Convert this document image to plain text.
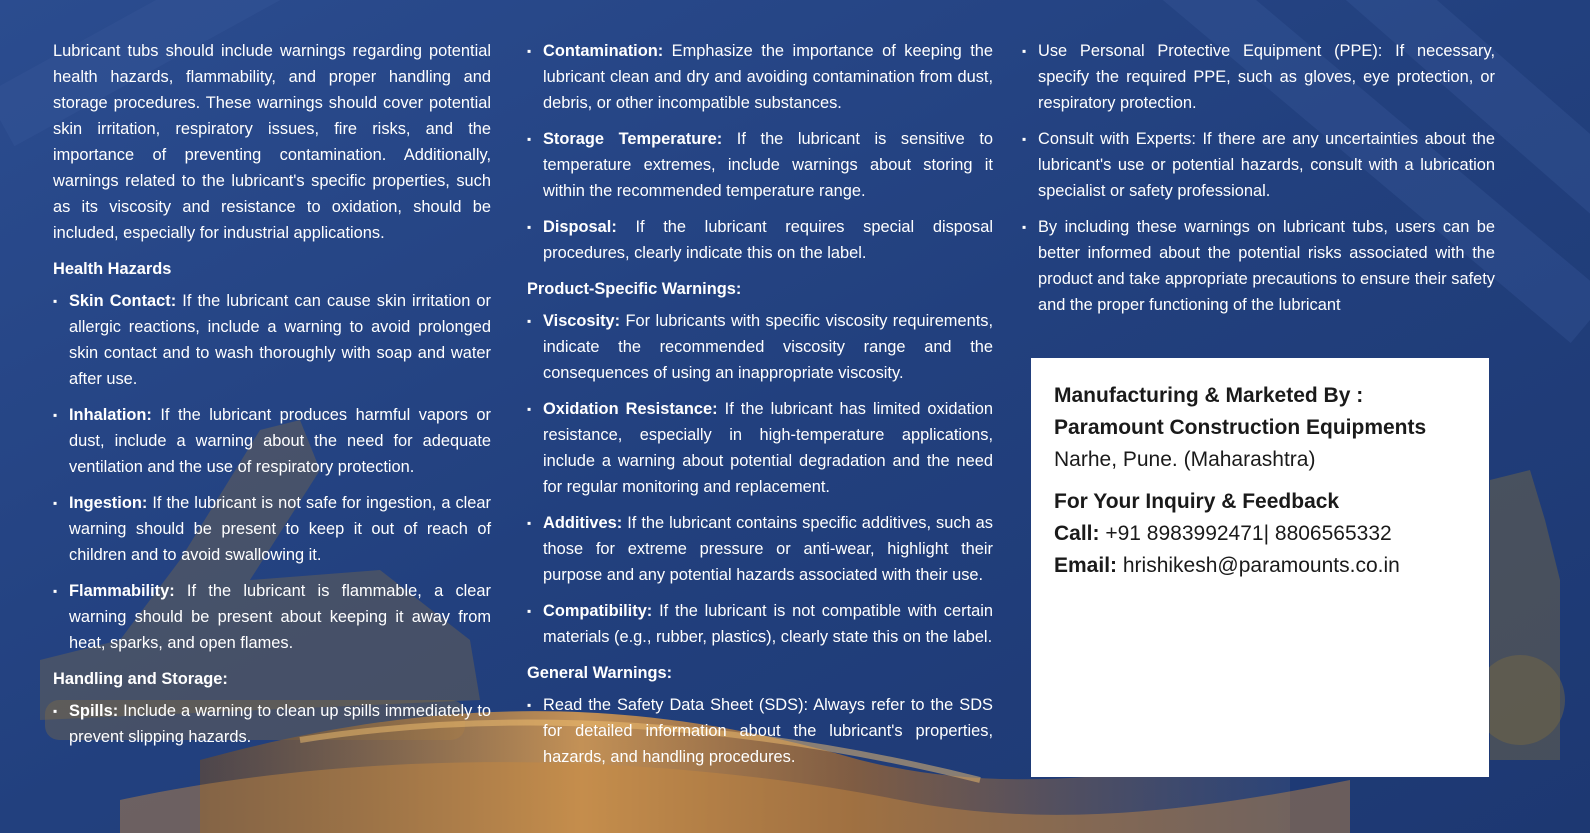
Lubricant tubs should include warnings regarding potential health hazards, flammability, and proper handling and storage procedures. These warnings should cover potential skin irritation, respiratory issues, fire risks, and the importance of preventing contamination. Additionally, warnings related to the lubricant's specific properties, such as its viscosity and resistance to oxidation, should be included, especially for industrial applications.

Health Hazards
▪ Skin Contact: If the lubricant can cause skin irritation or allergic reactions, include a warning to avoid prolonged skin contact and to wash thoroughly with soap and water after use.
▪ Inhalation: If the lubricant produces harmful vapors or dust, include a warning about the need for adequate ventilation and the use of respiratory protection.
▪ Ingestion: If the lubricant is not safe for ingestion, a clear warning should be present to keep it out of reach of children and to avoid swallowing it.
▪ Flammability: If the lubricant is flammable, a clear warning should be present about keeping it away from heat, sparks, and open flames.
Handling and Storage:
▪ Spills: Include a warning to clean up spills immediately to prevent slipping hazards.
▪ Contamination: Emphasize the importance of keeping the lubricant clean and dry and avoiding contamination from dust, debris, or other incompatible substances.
▪ Storage Temperature: If the lubricant is sensitive to temperature extremes, include warnings about storing it within the recommended temperature range.
▪ Disposal: If the lubricant requires special disposal procedures, clearly indicate this on the label.
Product-Specific Warnings:
▪ Viscosity: For lubricants with specific viscosity requirements, indicate the recommended viscosity range and the consequences of using an inappropriate viscosity.
▪ Oxidation Resistance: If the lubricant has limited oxidation resistance, especially in high-temperature applications, include a warning about potential degradation and the need for regular monitoring and replacement.
▪ Additives: If the lubricant contains specific additives, such as those for extreme pressure or anti-wear, highlight their purpose and any potential hazards associated with their use.
▪ Compatibility: If the lubricant is not compatible with certain materials (e.g., rubber, plastics), clearly state this on the label.
General Warnings:
▪ Read the Safety Data Sheet (SDS): Always refer to the SDS for detailed information about the lubricant's properties, hazards, and handling procedures.
▪ Use Personal Protective Equipment (PPE): If necessary, specify the required PPE, such as gloves, eye protection, or respiratory protection.
▪ Consult with Experts: If there are any uncertainties about the lubricant's use or potential hazards, consult with a lubrication specialist or safety professional.
▪ By including these warnings on lubricant tubs, users can be better informed about the potential risks associated with the product and take appropriate precautions to ensure their safety and the proper functioning of the lubricant
Manufacturing & Marketed By :
Paramount Construction Equipments
Narhe, Pune. (Maharashtra)
For Your Inquiry & Feedback
Call: +91 8983992471| 8806565332
Email: hrishikesh@paramounts.co.in
